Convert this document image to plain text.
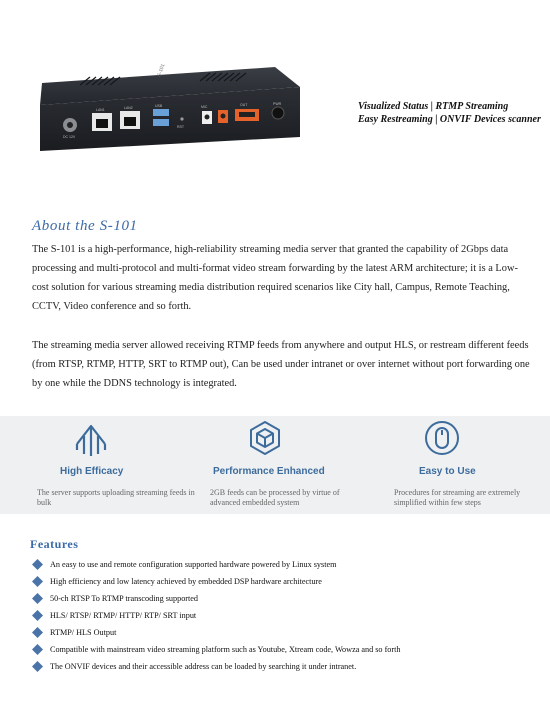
S-101
DC 12V
LAN1	LAN2	USB
RST
MIC	OUT	PWR	Visualized Status | RTMP Streaming
Easy Restreaming | ONVIF Devices scanner
About the S-101

The S-101 is a high-performance, high-reliability streaming media server that granted the capability of 2Gbps data processing and multi-protocol and multi-format video stream forwarding by the latest ARM architecture; it is a Low-cost solution for various streaming media distribution required scenarios like City hall, Campus, Remote Teaching, CCTV, Video conference and so forth.

The streaming media server allowed receiving RTMP feeds from anywhere and output HLS, or restream different feeds (from RTSP, RTMP, HTTP, SRT to RTMP out), Can be used under intranet or over internet without port forwarding one by one while the DDNS technology is integrated.

High Efficacy
The server supports uploading streaming feeds in bulk
Performance Enhanced
2GB feeds can be processed by virtue of advanced embedded system
Easy to Use
Procedures for streaming are extremely simplified within few steps
Features
An easy to use and remote configuration supported hardware powered by Linux system
High efficiency and low latency achieved by embedded DSP hardware architecture
50-ch RTSP To RTMP transcoding supported
HLS/ RTSP/ RTMP/ HTTP/ RTP/ SRT input
RTMP/ HLS Output
Compatible with mainstream video streaming platform such as Youtube, Xtream code, Wowza and so forth
The ONVIF devices and their accessible address can be loaded by searching it under intranet.
